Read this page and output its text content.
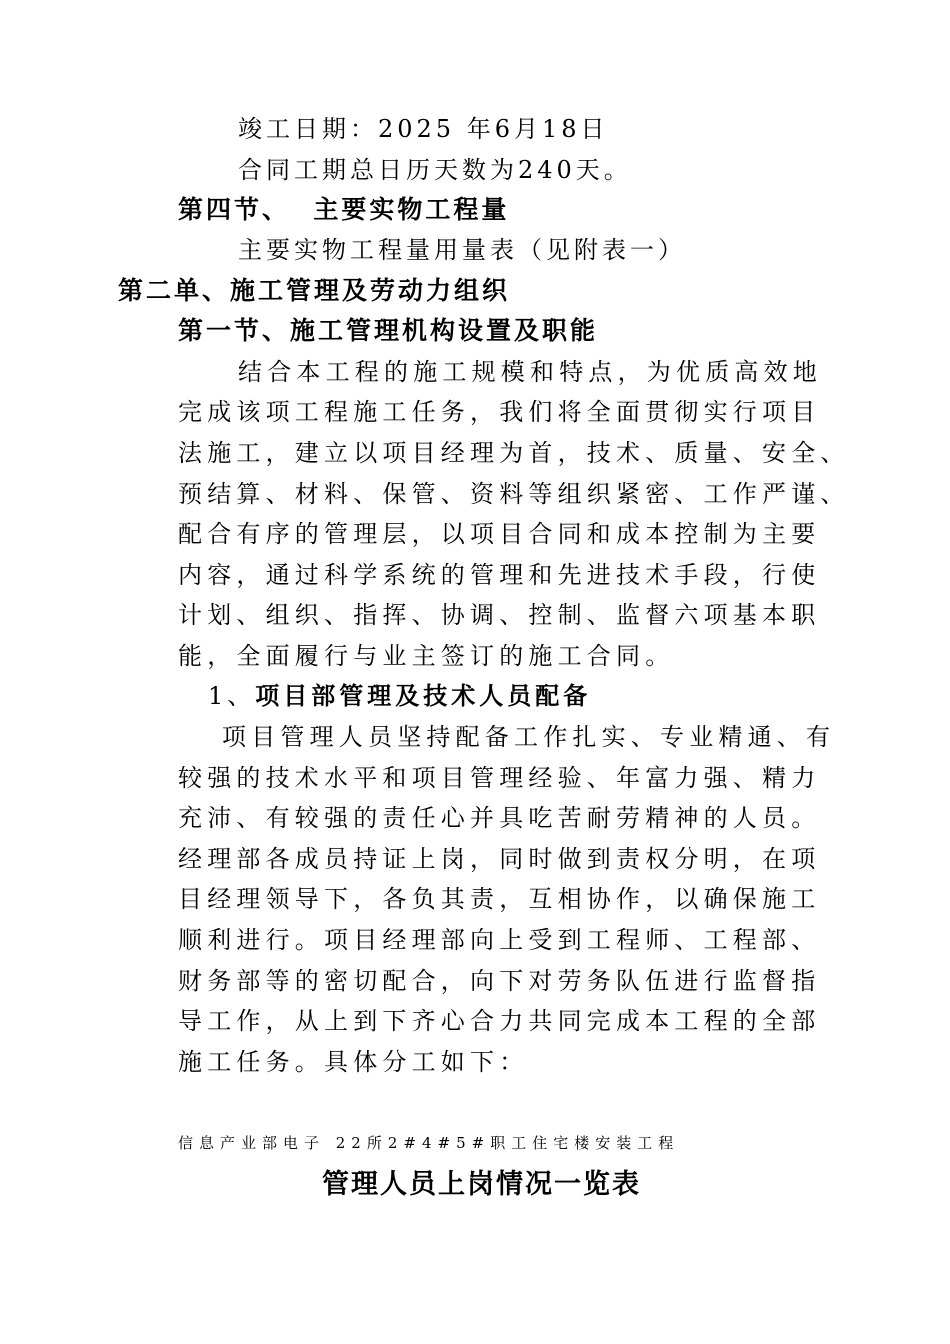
竣工日期：2025 年6月18日
合同工期总日历天数为240天。
第四节、  主要实物工程量
主要实物工程量用量表（见附表一）
第二单、施工管理及劳动力组织
第一节、施工管理机构设置及职能
结合本工程的施工规模和特点，为优质高效地
完成该项工程施工任务，我们将全面贯彻实行项目
法施工，建立以项目经理为首，技术、质量、安全、
预结算、材料、保管、资料等组织紧密、工作严谨、
配合有序的管理层，以项目合同和成本控制为主要
内容，通过科学系统的管理和先进技术手段，行使
计划、组织、指挥、协调、控制、监督六项基本职
能，全面履行与业主签订的施工合同。
1、项目部管理及技术人员配备
项目管理人员坚持配备工作扎实、专业精通、有
较强的技术水平和项目管理经验、年富力强、精力
充沛、有较强的责任心并具吃苦耐劳精神的人员。
经理部各成员持证上岗，同时做到责权分明，在项
目经理领导下，各负其责，互相协作，以确保施工
顺利进行。项目经理部向上受到工程师、工程部、
财务部等的密切配合，向下对劳务队伍进行监督指
导工作，从上到下齐心合力共同完成本工程的全部
施工任务。具体分工如下：
信息产业部电子 22所2#4#5#职工住宅楼安装工程
管理人员上岗情况一览表
